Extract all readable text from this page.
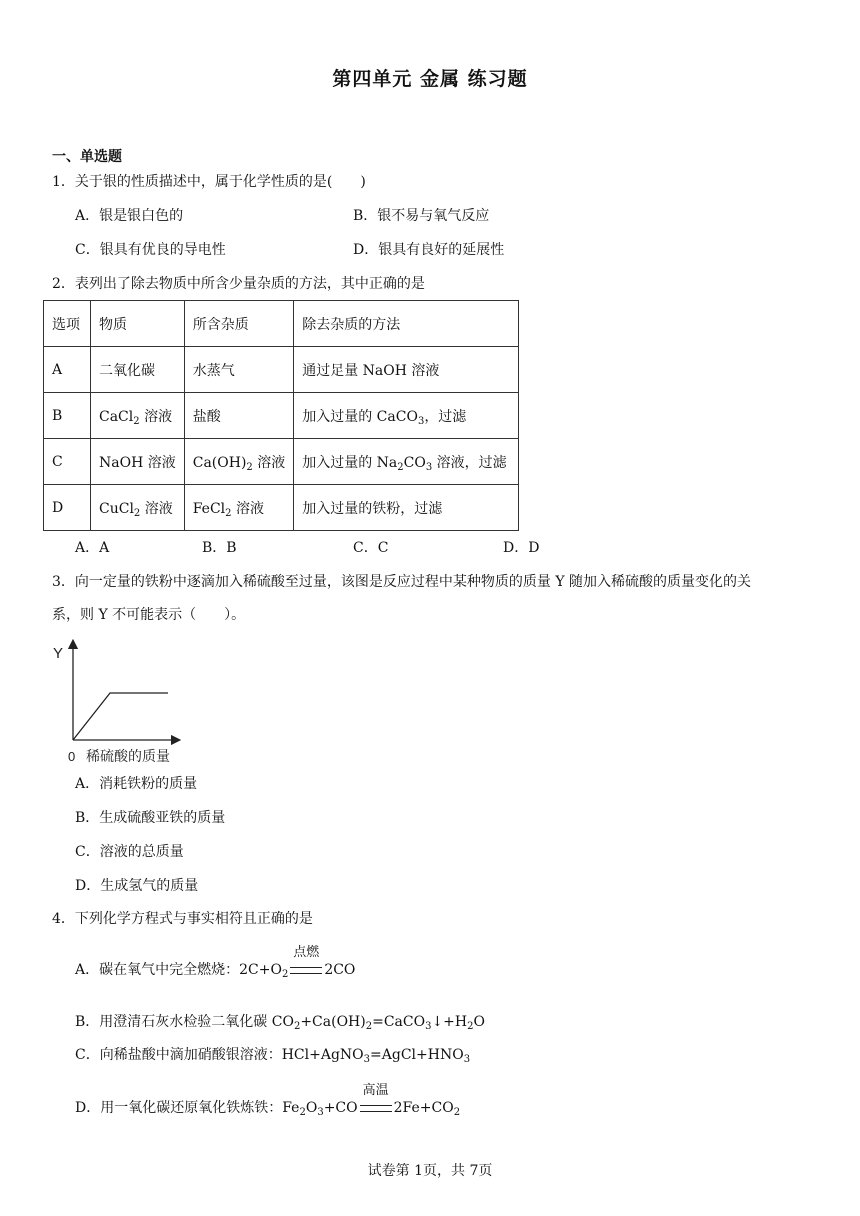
第四单元 金属 练习题
一、单选题
1．关于银的性质描述中，属于化学性质的是(　　)
A．银是银白色的	B．银不易与氧气反应
C．银具有优良的导电性	D．银具有良好的延展性
2．表列出了除去物质中所含少量杂质的方法，其中正确的是
选项	物质	所含杂质	除去杂质的方法
A	二氧化碳	水蒸气	通过足量 NaOH 溶液
B	CaCl$_2$ 溶液	盐酸	加入过量的 CaCO$_3$，过滤
C	NaOH 溶液	$Ca(OH)_2$ 溶液	加入过量的 $Na_2CO_3$ 溶液，过滤
D	CuCl$_2$ 溶液	FeCl$_2$ 溶液	加入过量的铁粉，过滤
A．A	B．B	C．C	D．D
3．向一定量的铁粉中逐滴加入稀硫酸至过量，该图是反应过程中某种物质的质量 Y 随加入稀硫酸的质量变化的关
系，则 Y 不可能表示（　　）。
Y
0 稀硫酸的质量
A．消耗铁粉的质量
B．生成硫酸亚铁的质量
C．溶液的总质量
D．生成氢气的质量
4．下列化学方程式与事实相符且正确的是
A．碳在氧气中完全燃烧：$2C+O_2$
点燃
2CO
B．用澄清石灰水检验二氧化碳 $CO_2+Ca(OH)_2=CaCO_3↓+H_2O$
C．向稀盐酸中滴加硝酸银溶液：$HCl+AgNO_3=AgCl+HNO_3$
D．用一氧化碳还原氧化铁炼铁：$Fe_2O_3+CO$
高温
$2Fe+CO_2$
试卷第 1页，共 7页
